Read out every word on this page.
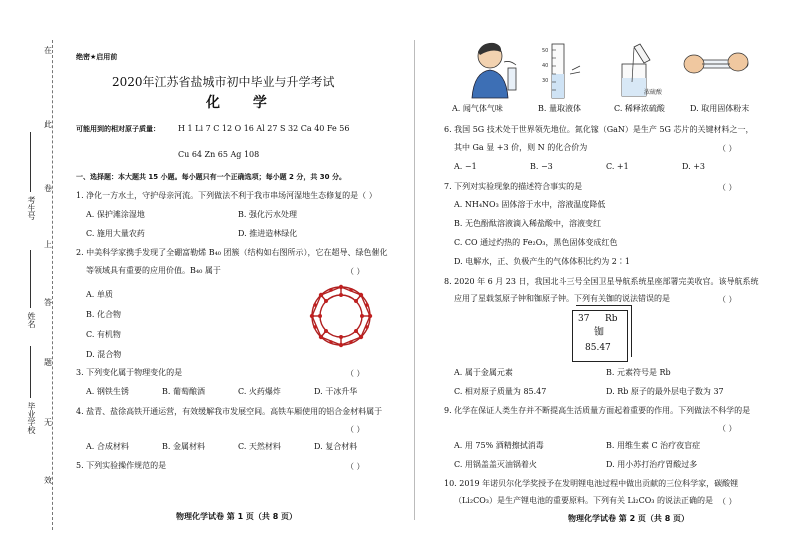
在
此
卷
上
答
题
无
效
考生号
姓名
毕业学校
绝密★启用前
2020年江苏省盐城市初中毕业与升学考试
化 学
可能用到的相对原子质量： H 1 Li 7 C 12 O 16 Al 27 S 32 Ca 40 Fe 56
Cu 64 Zn 65 Ag 108
一、选择题：本大题共 15 小题。每小题只有一个正确选项；每小题 2 分，共 30 分。
1. 净化一方水土，守护母亲河流。下列做法不利于我市串场河湿地生态修复的是（ ）
A. 保护滩涂湿地	B. 强化污水处理
C. 施用大量农药	D. 推进造林绿化
2. 中美科学家携手发现了全硼富勒烯 B₄₀ 团簇（结构如右图所示），它在超导、绿色催化
等领域具有重要的应用价值。B₄₀ 属于	（ ）
A. 单质
B. 化合物
C. 有机物
D. 混合物
3. 下列变化属于物理变化的是	（ ）
A. 钢铁生锈	B. 葡萄酿酒	C. 火药爆炸	D. 干冰升华
4. 盐青、盐徐高铁开通运营，有效缓解我市发展空间。高铁车厢使用的铝合金材料属于
（ ）
A. 合成材料	B. 金属材料	C. 天然材料	D. 复合材料
5. 下列实验操作规范的是	（ ）
物理化学试卷 第 1 页（共 8 页）
50
40
30
浓硫酸
A. 闻气体气味	B. 量取液体	C. 稀释浓硫酸	D. 取用固体粉末
6. 我国 5G 技术处于世界领先地位。氮化镓（GaN）是生产 5G 芯片的关键材料之一，
其中 Ga 显 +3 价，则 N 的化合价为	（ ）
A. −1	B. −3	C. +1	D. +3
7. 下列对实验现象的描述符合事实的是	（ ）
A. NH₄NO₃ 固体溶于水中，溶液温度降低
B. 无色酚酞溶液滴入稀盐酸中，溶液变红
C. CO 通过灼热的 Fe₂O₃，黑色固体变成红色
D. 电解水，正、负极产生的气体体积比约为 2∶1
8. 2020 年 6 月 23 日，我国北斗三号全国卫星导航系统星座部署完美收官。该导航系统
应用了星载氢原子钟和铷原子钟。下列有关铷的说法错误的是	（ ）
37 Rb
铷
85.47
A. 属于金属元素	B. 元素符号是 Rb
C. 相对原子质量为 85.47	D. Rb 原子的最外层电子数为 37
9. 化学在保证人类生存并不断提高生活质量方面起着重要的作用。下列做法不科学的是
（ ）
A. 用 75% 酒精擦拭消毒	B. 用维生素 C 治疗夜盲症
C. 用锅盖盖灭油锅着火	D. 用小苏打治疗胃酸过多
10. 2019 年诺贝尔化学奖授予在发明锂电池过程中做出贡献的三位科学家，碳酸锂
（Li₂CO₃）是生产锂电池的重要原料。下列有关 Li₂CO₃ 的说法正确的是 （ ）
物理化学试卷 第 2 页（共 8 页）
